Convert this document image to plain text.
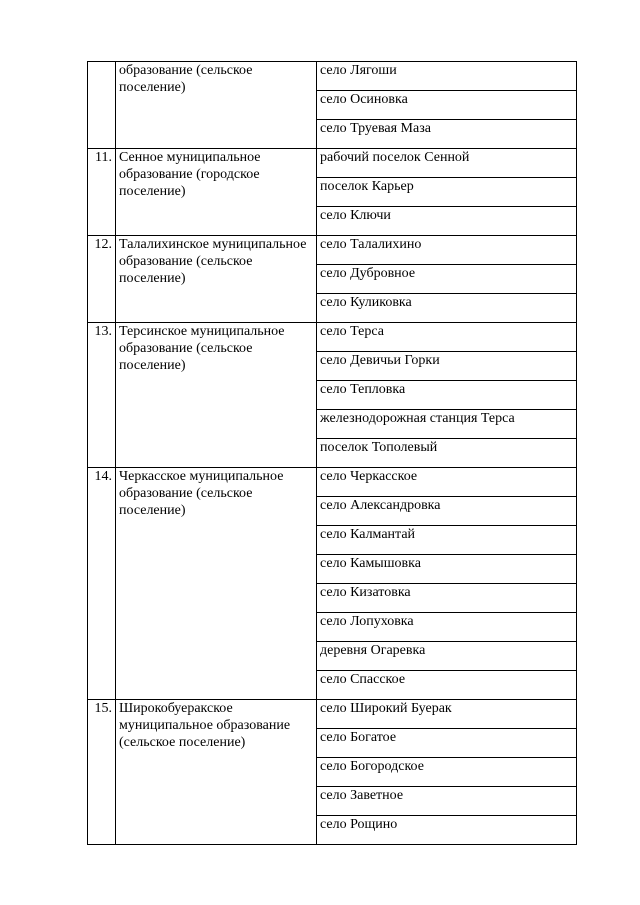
	образование (сельское поселение)	село Лягоши
		село Осиновка
		село Труевая Маза
11.	Сенное муниципальное образование (городское поселение)	рабочий поселок Сенной
		поселок Карьер
		село Ключи
12.	Талалихинское муниципальное образование (сельское поселение)	село Талалихино
		село Дубровное
		село Куликовка
13.	Терсинское муниципальное образование (сельское поселение)	село Терса
		село Девичьи Горки
		село Тепловка
		железнодорожная станция Терса
		поселок Тополевый
14.	Черкасское муниципальное образование (сельское поселение)	село Черкасское
		село Александровка
		село Калмантай
		село Камышовка
		село Кизатовка
		село Лопуховка
		деревня Огаревка
		село Спасское
15.	Широкобуеракское муниципальное образование (сельское поселение)	село Широкий Буерак
		село Богатое
		село Богородское
		село Заветное
		село Рощино
